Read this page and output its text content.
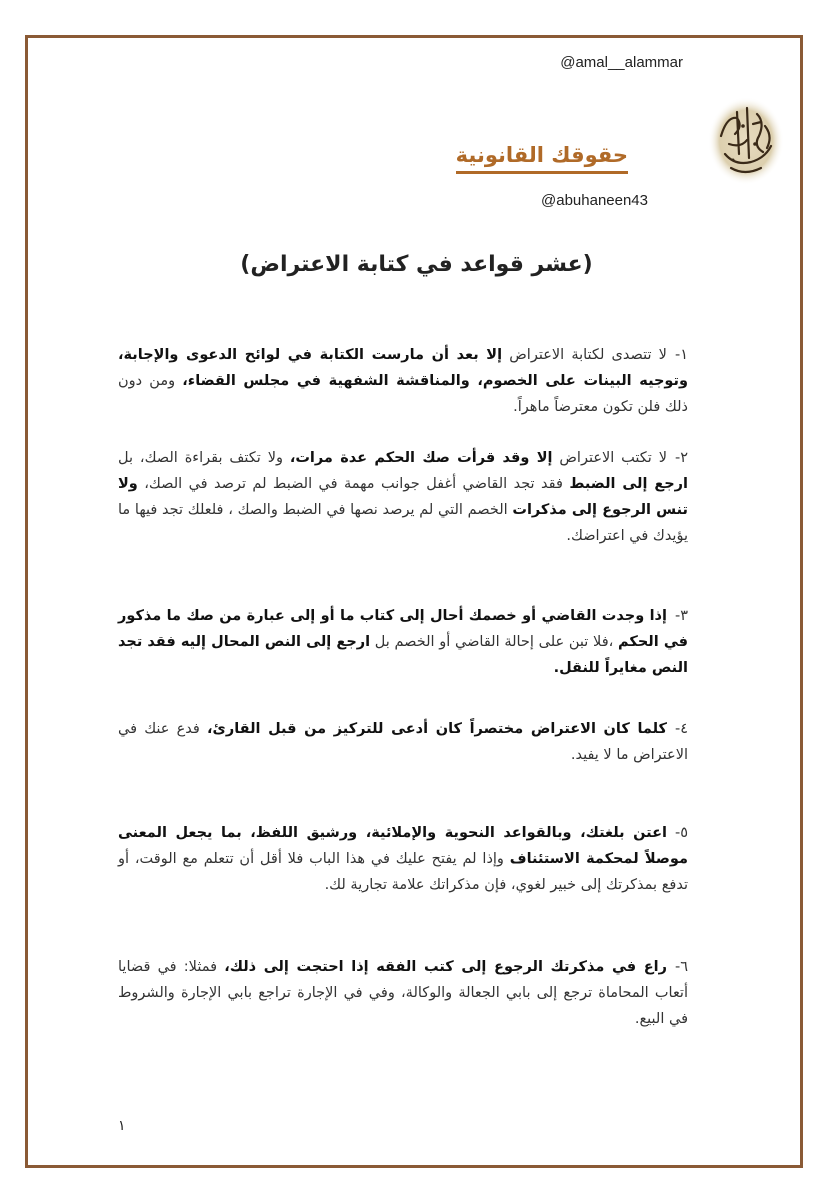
@amal__alammar
حقوقك القانونية
@abuhaneen43
(عشر قواعد في كتابة الاعتراض)
١-لا تتصدى لكتابة الاعتراض إلا بعد أن مارست الكتابة في لوائح الدعوى والإجابة، وتوجيه البينات على الخصوم، والمناقشة الشفهية في مجلس القضاء، ومن دون ذلك فلن تكون معترضاً ماهراً.
٢-لا تكتب الاعتراض إلا وقد قرأت صك الحكم عدة مرات، ولا تكتف بقراءة الصك، بل ارجع إلى الضبط فقد تجد القاضي أغفل جوانب مهمة في الضبط لم ترصد في الصك، ولا تنس الرجوع إلى مذكرات الخصم التي لم يرصد نصها في الضبط والصك ، فلعلك تجد فيها ما يؤيدك في اعتراضك.
٣-إذا وجدت القاضي أو خصمك أحال إلى كتاب ما أو إلى عبارة من صك ما مذكور في الحكم ،فلا تبن على إحالة القاضي أو الخصم بل ارجع إلى النص المحال إليه فقد تجد النص مغايراً للنقل.
٤-كلما كان الاعتراض مختصراً كان أدعى للتركيز من قبل القارئ، فدع عنك في الاعتراض ما لا يفيد.
٥-اعتن بلغتك، وبالقواعد النحوية والإملائية، ورشيق اللفظ، بما يجعل المعنى موصلاً لمحكمة الاستئناف وإذا لم يفتح عليك في هذا الباب فلا أقل أن تتعلم مع الوقت، أو تدفع بمذكرتك إلى خبير لغوي، فإن مذكراتك علامة تجارية لك.
٦-راع في مذكرتك الرجوع إلى كتب الفقه إذا احتجت إلى ذلك، فمثلا: في قضايا أتعاب المحاماة ترجع إلى بابي الجعالة والوكالة، وفي في الإجارة تراجع بابي الإجارة والشروط في البيع.
١
